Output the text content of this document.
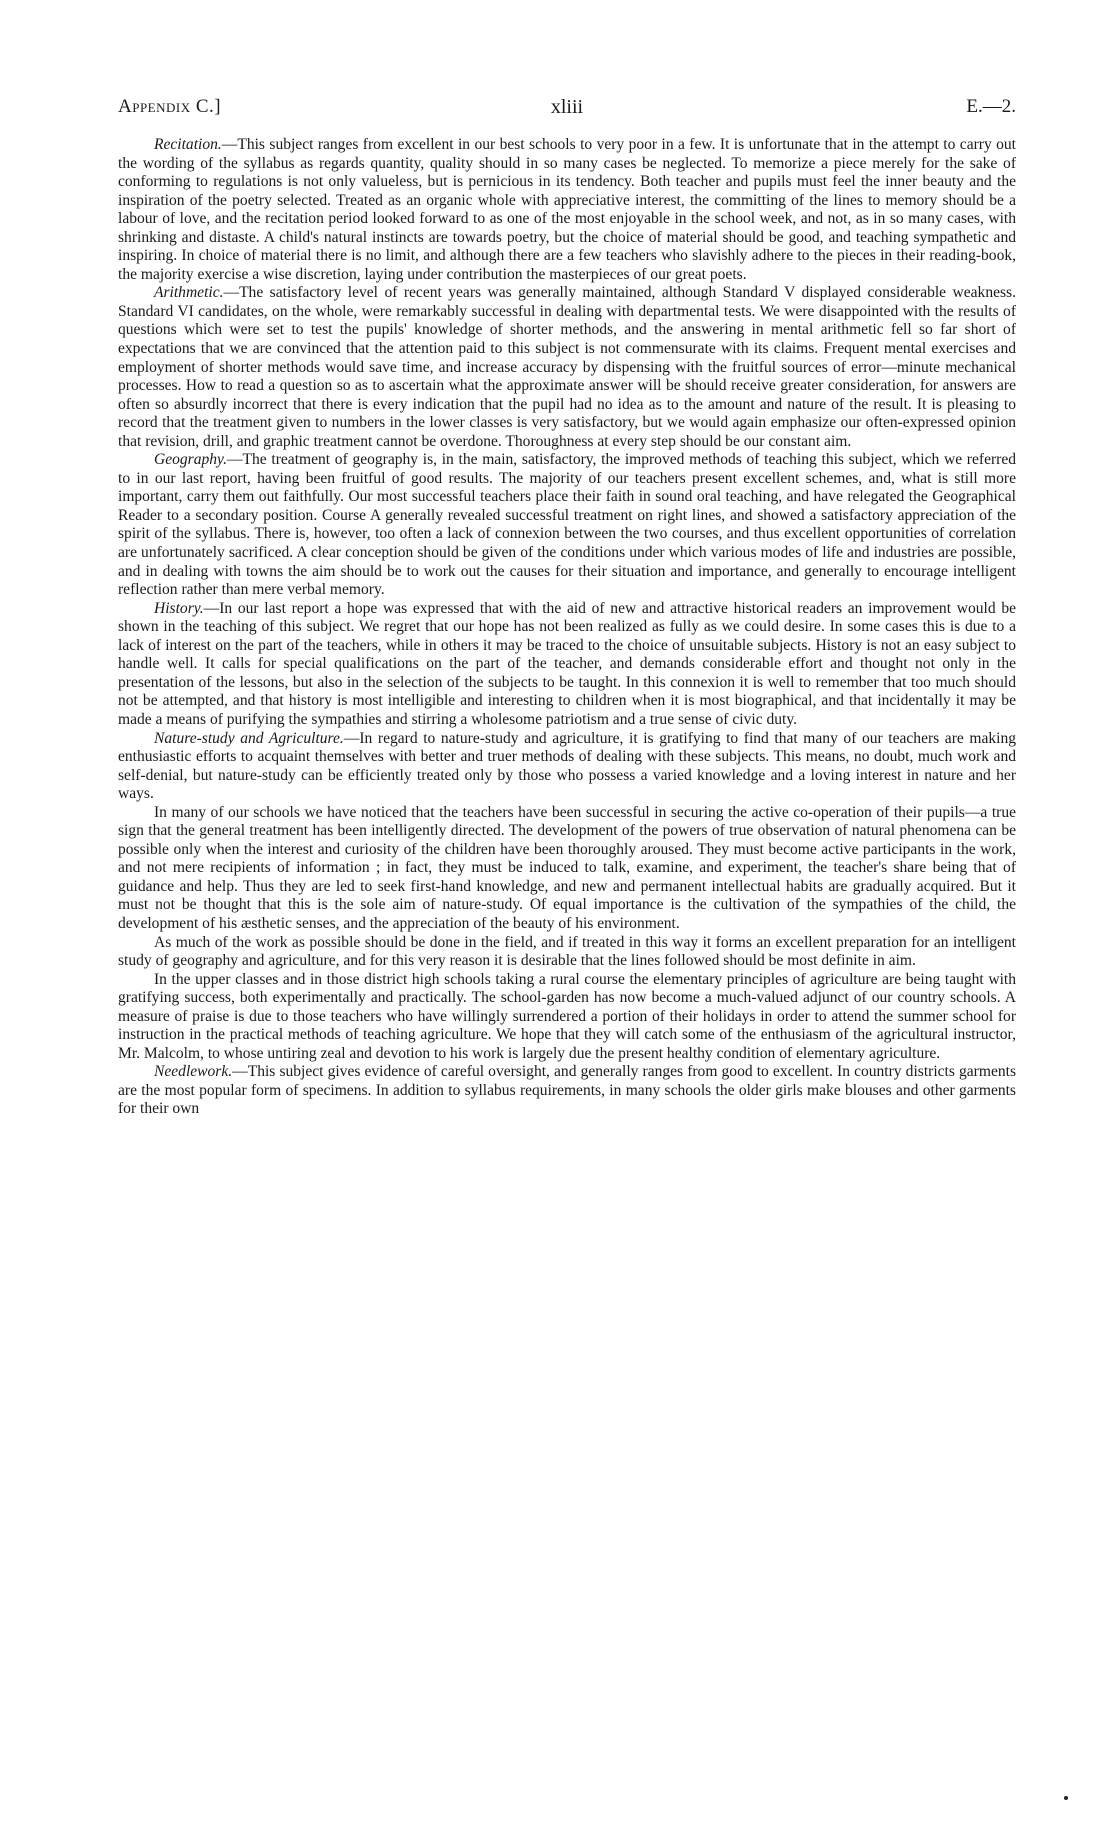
Appendix C.]	xliii	E.—2.

Recitation.—This subject ranges from excellent in our best schools to very poor in a few. It is unfortunate that in the attempt to carry out the wording of the syllabus as regards quantity, quality should in so many cases be neglected. To memorize a piece merely for the sake of conforming to regulations is not only valueless, but is pernicious in its tendency. Both teacher and pupils must feel the inner beauty and the inspiration of the poetry selected. Treated as an organic whole with appreciative interest, the committing of the lines to memory should be a labour of love, and the recitation period looked forward to as one of the most enjoyable in the school week, and not, as in so many cases, with shrinking and distaste. A child's natural instincts are towards poetry, but the choice of material should be good, and teaching sympathetic and inspiring. In choice of material there is no limit, and although there are a few teachers who slavishly adhere to the pieces in their reading-book, the majority exercise a wise discretion, laying under contribution the masterpieces of our great poets.

Arithmetic.—The satisfactory level of recent years was generally maintained, although Standard V displayed considerable weakness. Standard VI candidates, on the whole, were remarkably successful in dealing with departmental tests. We were disappointed with the results of questions which were set to test the pupils' knowledge of shorter methods, and the answering in mental arithmetic fell so far short of expectations that we are convinced that the attention paid to this subject is not commensurate with its claims. Frequent mental exercises and employment of shorter methods would save time, and increase accuracy by dispensing with the fruitful sources of error—minute mechanical processes. How to read a question so as to ascertain what the approximate answer will be should receive greater consideration, for answers are often so absurdly incorrect that there is every indication that the pupil had no idea as to the amount and nature of the result. It is pleasing to record that the treatment given to numbers in the lower classes is very satisfactory, but we would again emphasize our often-expressed opinion that revision, drill, and graphic treatment cannot be overdone. Thoroughness at every step should be our constant aim.

Geography.—The treatment of geography is, in the main, satisfactory, the improved methods of teaching this subject, which we referred to in our last report, having been fruitful of good results. The majority of our teachers present excellent schemes, and, what is still more important, carry them out faithfully. Our most successful teachers place their faith in sound oral teaching, and have relegated the Geographical Reader to a secondary position. Course A generally revealed successful treatment on right lines, and showed a satisfactory appreciation of the spirit of the syllabus. There is, however, too often a lack of connexion between the two courses, and thus excellent opportunities of correlation are unfortunately sacrificed. A clear conception should be given of the conditions under which various modes of life and industries are possible, and in dealing with towns the aim should be to work out the causes for their situation and importance, and generally to encourage intelligent reflection rather than mere verbal memory.

History.—In our last report a hope was expressed that with the aid of new and attractive historical readers an improvement would be shown in the teaching of this subject. We regret that our hope has not been realized as fully as we could desire. In some cases this is due to a lack of interest on the part of the teachers, while in others it may be traced to the choice of unsuitable subjects. History is not an easy subject to handle well. It calls for special qualifications on the part of the teacher, and demands considerable effort and thought not only in the presentation of the lessons, but also in the selection of the subjects to be taught. In this connexion it is well to remember that too much should not be attempted, and that history is most intelligible and interesting to children when it is most biographical, and that incidentally it may be made a means of purifying the sympathies and stirring a wholesome patriotism and a true sense of civic duty.

Nature-study and Agriculture.—In regard to nature-study and agriculture, it is gratifying to find that many of our teachers are making enthusiastic efforts to acquaint themselves with better and truer methods of dealing with these subjects. This means, no doubt, much work and self-denial, but nature-study can be efficiently treated only by those who possess a varied knowledge and a loving interest in nature and her ways.

In many of our schools we have noticed that the teachers have been successful in securing the active co-operation of their pupils—a true sign that the general treatment has been intelligently directed. The development of the powers of true observation of natural phenomena can be possible only when the interest and curiosity of the children have been thoroughly aroused. They must become active participants in the work, and not mere recipients of information ; in fact, they must be induced to talk, examine, and experiment, the teacher's share being that of guidance and help. Thus they are led to seek first-hand knowledge, and new and permanent intellectual habits are gradually acquired. But it must not be thought that this is the sole aim of nature-study. Of equal importance is the cultivation of the sympathies of the child, the development of his æsthetic senses, and the appreciation of the beauty of his environment.

As much of the work as possible should be done in the field, and if treated in this way it forms an excellent preparation for an intelligent study of geography and agriculture, and for this very reason it is desirable that the lines followed should be most definite in aim.

In the upper classes and in those district high schools taking a rural course the elementary principles of agriculture are being taught with gratifying success, both experimentally and practically. The school-garden has now become a much-valued adjunct of our country schools. A measure of praise is due to those teachers who have willingly surrendered a portion of their holidays in order to attend the summer school for instruction in the practical methods of teaching agriculture. We hope that they will catch some of the enthusiasm of the agricultural instructor, Mr. Malcolm, to whose untiring zeal and devotion to his work is largely due the present healthy condition of elementary agriculture.

Needlework.—This subject gives evidence of careful oversight, and generally ranges from good to excellent. In country districts garments are the most popular form of specimens. In addition to syllabus requirements, in many schools the older girls make blouses and other garments for their own
